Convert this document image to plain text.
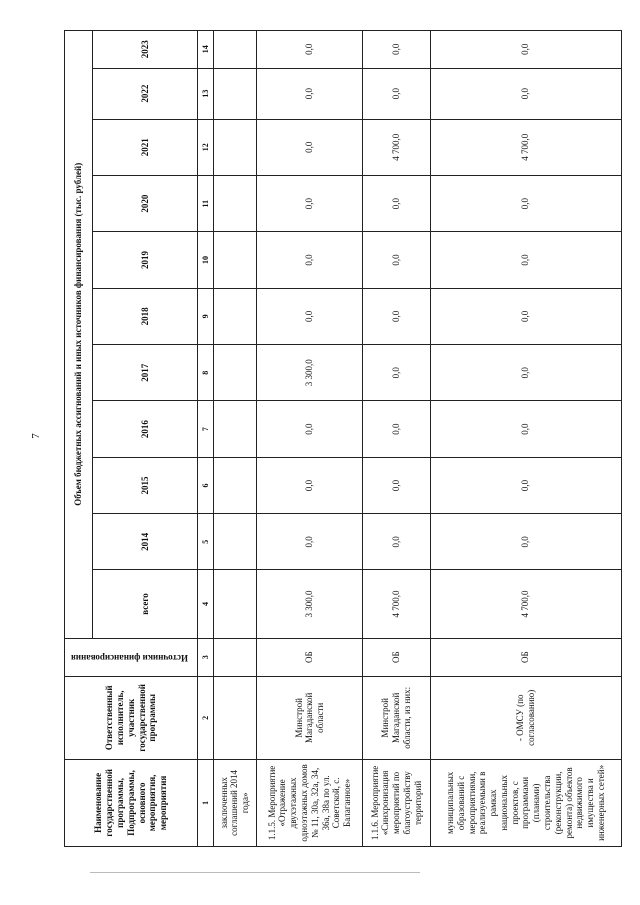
7
Наименование государственной программы, Подпрограммы, основного мероприятия, мероприятия	Ответственный исполнитель, участник государственной программы	Источники финансирования	Объем бюджетных ассигнований и иных источников финансирования (тыс. рублей)										
			всего	2014	2015	2016	2017	2018	2019	2020	2021	2022	2023
1	2	3	4	5	6	7	8	9	10	11	12	13	14
заключенных соглашений 2014 года»													
1.1.5. Мероприятие «Отражение двухэтажных одноэтажных домов № 11, 30а, 32а, 34, 36а, 38а по ул. Советской, с. Балаганное»	Минстрой Магаданской области	ОБ	3 300,0	0,0	0,0	0,0	3 300,0	0,0	0,0	0,0	0,0	0,0	0,0
1.1.6. Мероприятие «Синхронизация мероприятий по благоустройству территорий	Минстрой Магаданской области, из них:	ОБ	4 700,0	0,0	0,0	0,0	0,0	0,0	0,0	0,0	4 700,0	0,0	0,0
муниципальных образований с мероприятиями, реализуемыми в рамках национальных проектов, с программами (планами) строительства (реконструкции, ремонта) объектов недвижимого имущества и инженерных сетей»	- ОМСУ (по согласованию)	ОБ	4 700,0	0,0	0,0	0,0	0,0	0,0	0,0	0,0	4 700,0	0,0	0,0
